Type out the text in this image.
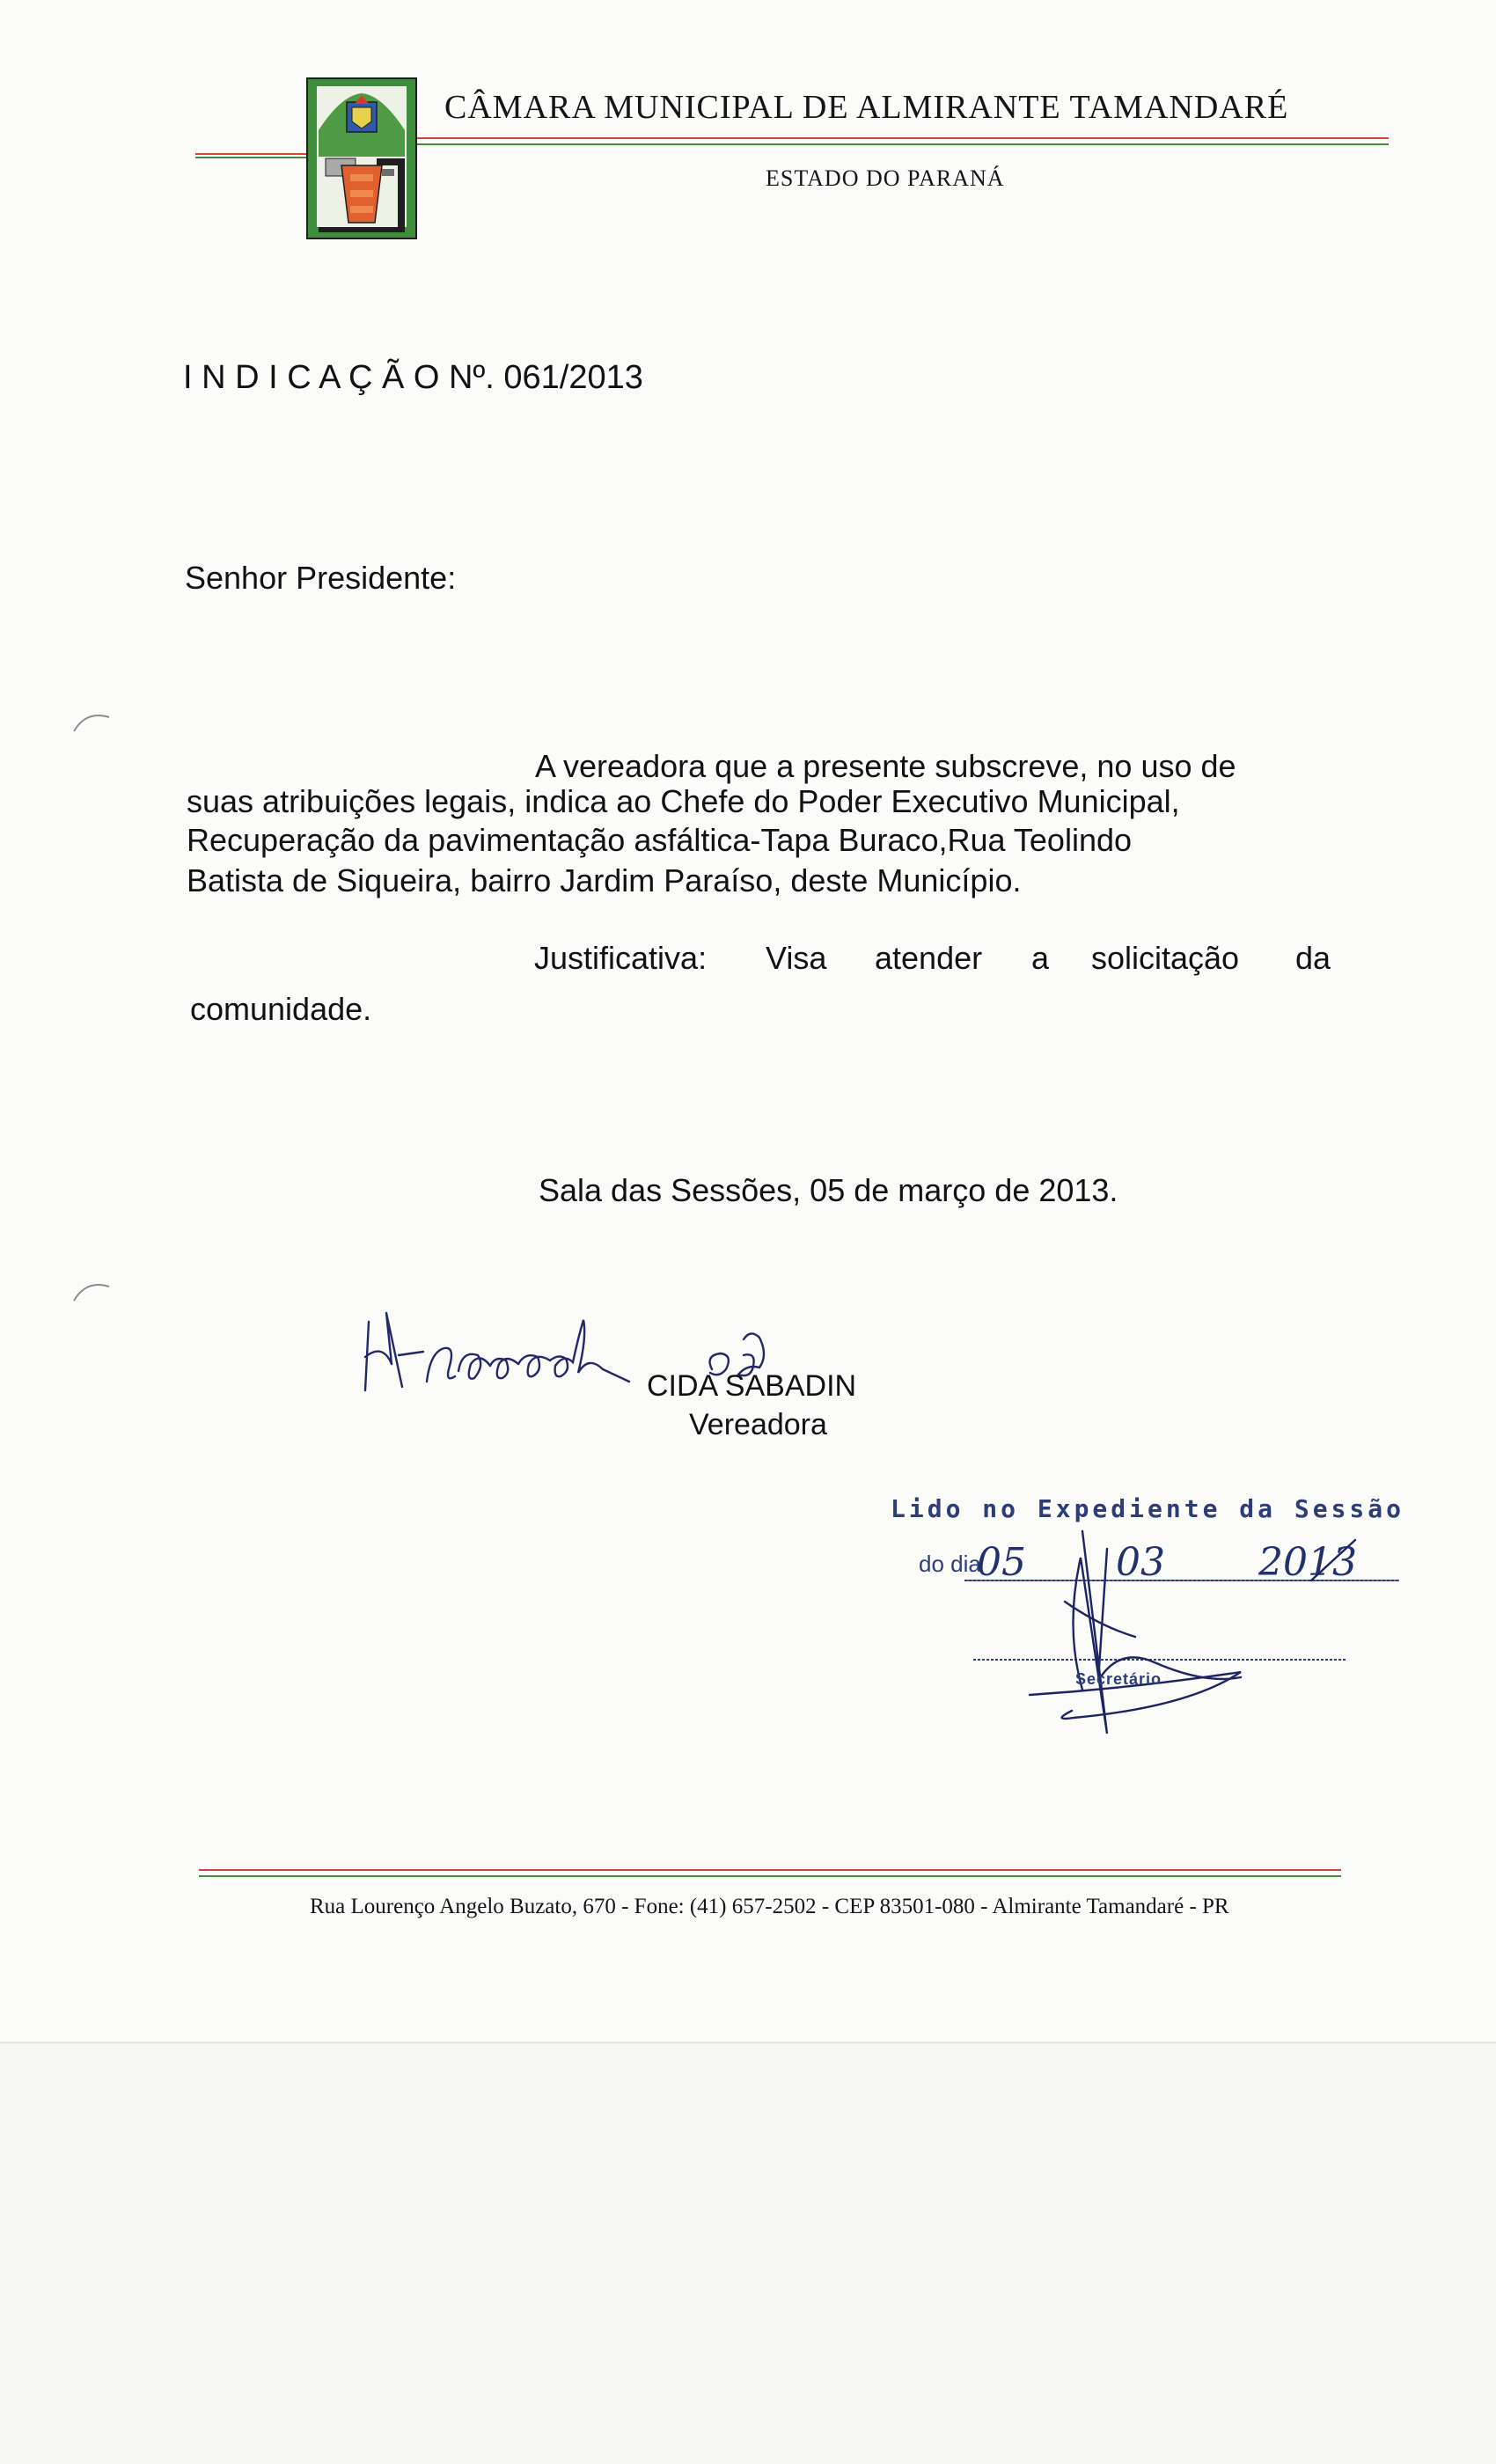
CÂMARA MUNICIPAL DE ALMIRANTE TAMANDARÉ
ESTADO DO PARANÁ
I N D I C A Ç Ã O Nº. 061/2013
Senhor Presidente:
A vereadora que a presente subscreve, no uso de
suas atribuições legais, indica ao Chefe do Poder Executivo Municipal,
Recuperação da pavimentação asfáltica-Tapa Buraco,Rua Teolindo
Batista de Siqueira, bairro Jardim Paraíso, deste Município.
Justificativa: Visa atender a solicitação da
comunidade.
Sala das Sessões, 05 de março de 2013.
CIDA SABADIN
Vereadora
Lido no Expediente da Sessão
do dia
05 03 2013
Secretário
Rua Lourenço Angelo Buzato, 670 - Fone: (41) 657-2502 - CEP 83501-080 - Almirante Tamandaré - PR
